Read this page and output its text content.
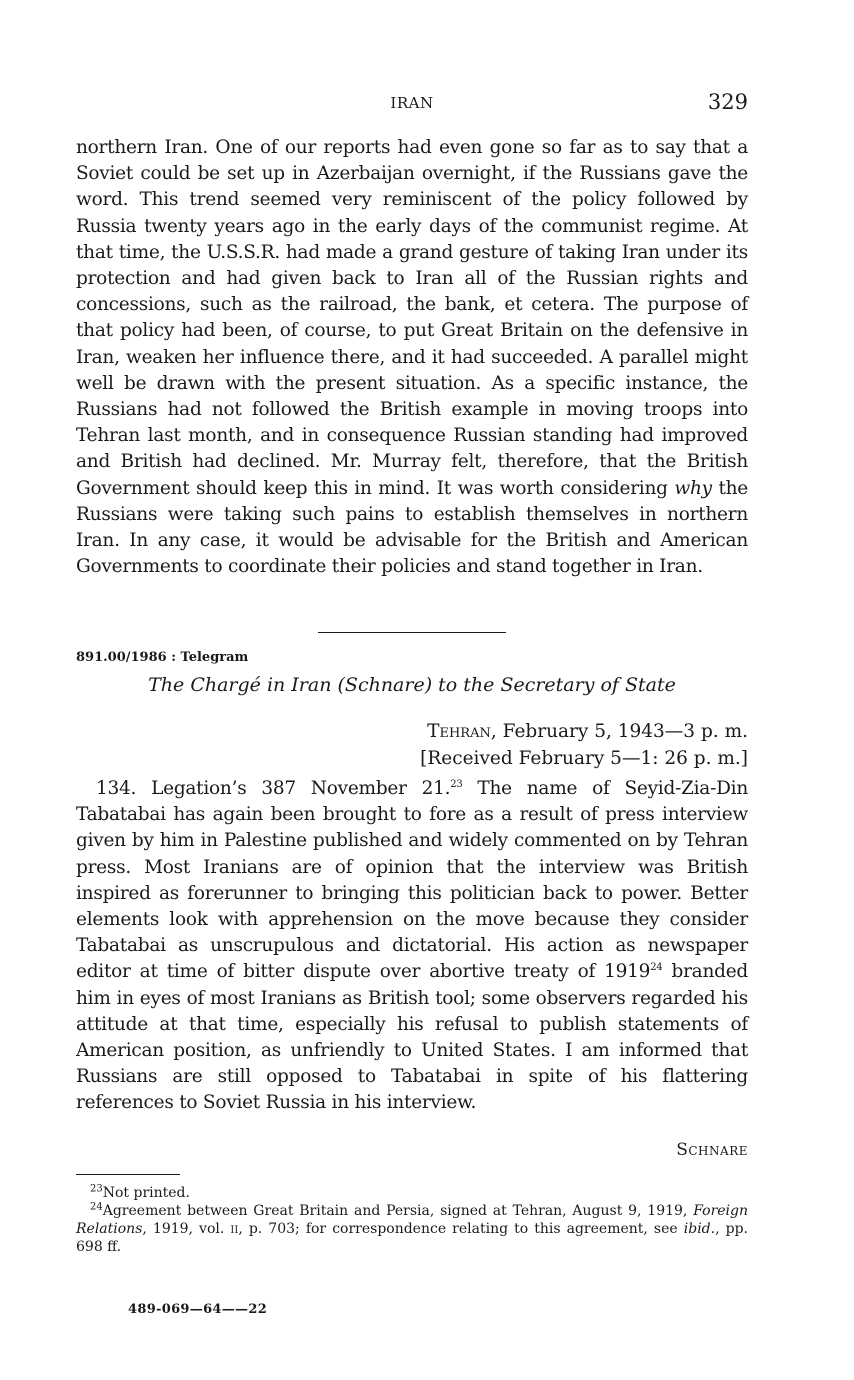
IRAN	329

northern Iran. One of our reports had even gone so far as to say that a Soviet could be set up in Azerbaijan overnight, if the Russians gave the word. This trend seemed very reminiscent of the policy followed by Russia twenty years ago in the early days of the communist regime. At that time, the U.S.S.R. had made a grand gesture of taking Iran under its protection and had given back to Iran all of the Russian rights and concessions, such as the railroad, the bank, et cetera. The purpose of that policy had been, of course, to put Great Britain on the defensive in Iran, weaken her influence there, and it had succeeded. A parallel might well be drawn with the present situation. As a specific instance, the Russians had not followed the British example in moving troops into Tehran last month, and in consequence Russian standing had improved and British had declined. Mr. Murray felt, therefore, that the British Government should keep this in mind. It was worth considering why the Russians were taking such pains to establish themselves in northern Iran. In any case, it would be advisable for the British and American Governments to coordinate their policies and stand together in Iran.

891.00/1986 : Telegram
The Chargé in Iran (Schnare) to the Secretary of State
Tehran, February 5, 1943—3 p. m.
[Received February 5—1: 26 p. m.]

134. Legation’s 387 November 21.23 The name of Seyid-Zia-Din Tabatabai has again been brought to fore as a result of press interview given by him in Palestine published and widely commented on by Tehran press. Most Iranians are of opinion that the interview was British inspired as forerunner to bringing this politician back to power. Better elements look with apprehension on the move because they consider Tabatabai as unscrupulous and dictatorial. His action as newspaper editor at time of bitter dispute over abortive treaty of 1919$^{24}$ branded him in eyes of most Iranians as British tool; some observers regarded his attitude at that time, especially his refusal to publish statements of American position, as unfriendly to United States. I am informed that Russians are still opposed to Tabatabai in spite of his flattering references to Soviet Russia in his interview.

Schnare

$^{23}$Not printed.

$^{24}$Agreement between Great Britain and Persia, signed at Tehran, August 9, 1919, Foreign Relations, 1919, vol. ii, p. 703; for correspondence relating to this agreement, see ibid., pp. 698 ff.

489-069—64——22
